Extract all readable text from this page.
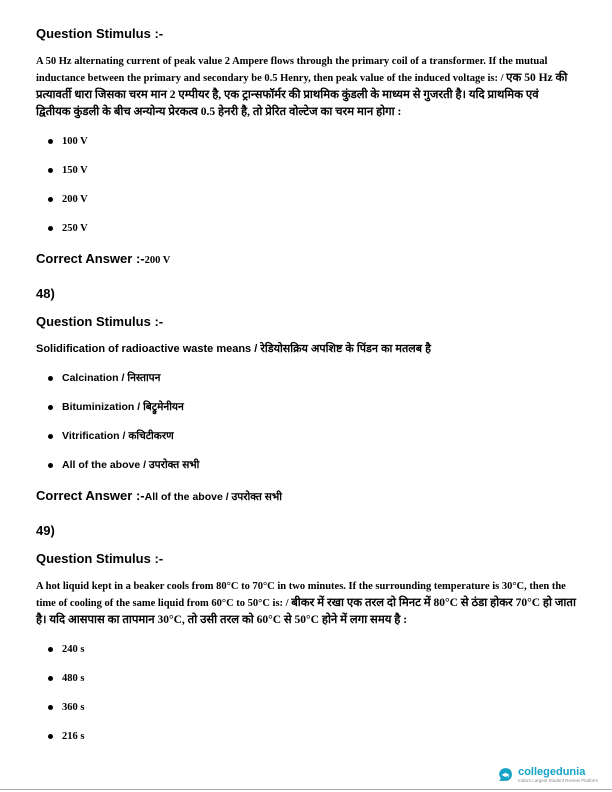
Question Stimulus :-

A 50 Hz alternating current of peak value 2 Ampere flows through the primary coil of a transformer. If the mutual inductance between the primary and secondary be 0.5 Henry, then peak value of the induced voltage is: / एक 50 Hz की प्रत्यावर्ती धारा जिसका चरम मान 2 एम्पीयर है, एक ट्रान्सफॉर्मर की प्राथमिक कुंडली के माध्यम से गुजरती है। यदि प्राथमिक एवं द्वितीयक कुंडली के बीच अन्योन्य प्रेरकत्व 0.5 हेनरी है, तो प्रेरित वोल्टेज का चरम मान होगा :

100 V
150 V
200 V
250 V

Correct Answer :-200 V

48)
Question Stimulus :-

Solidification of radioactive waste means / रेडियोसक्रिय अपशिष्ट के पिंडन का मतलब है

Calcination / निस्तापन
Bituminization / बिट्रुमेनीयन
Vitrification / कचिटीकरण
All of the above / उपरोक्त सभी

Correct Answer :-All of the above / उपरोक्त सभी

49)
Question Stimulus :-

A hot liquid kept in a beaker cools from 80°C to 70°C in two minutes. If the surrounding temperature is 30°C, then the time of cooling of the same liquid from 60°C to 50°C is: / बीकर में रखा एक तरल दो मिनट में 80°C से ठंडा होकर 70°C हो जाता है। यदि आसपास का तापमान 30°C, तो उसी तरल को 60°C से 50°C होने में लगा समय है :

240 s
480 s
360 s
216 s
collegedunia
India's Largest Student Review Platform
